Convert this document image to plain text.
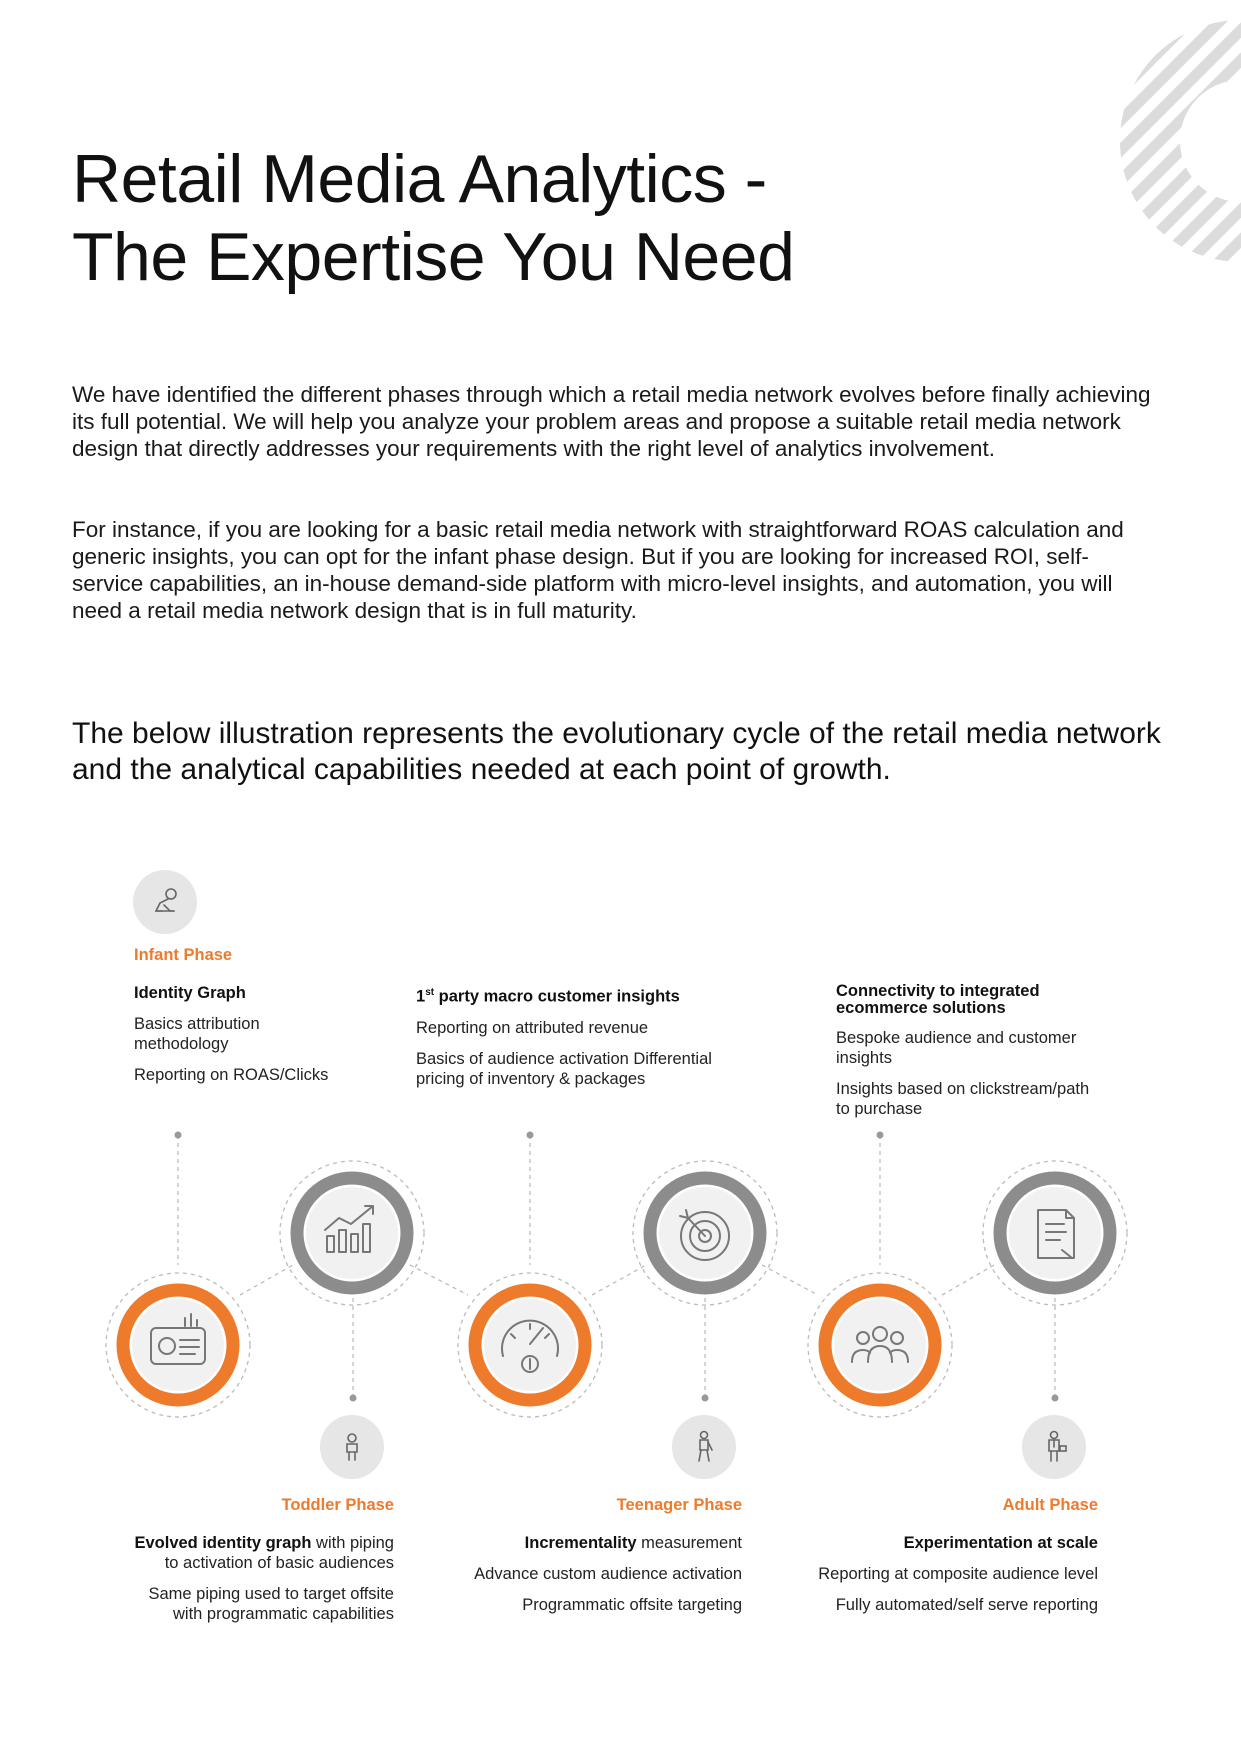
Retail Media Analytics -
The Expertise You Need

We have identified the different phases through which a retail media network evolves before finally achieving its full potential. We will help you analyze your problem areas and propose a suitable retail media network design that directly addresses your requirements with the right level of analytics involvement.

For instance, if you are looking for a basic retail media network with straightforward ROAS calculation and generic insights, you can opt for the infant phase design. But if you are looking for increased ROI, self-service capabilities, an in-house demand-side platform with micro-level insights, and automation, you will need a retail media network design that is in full maturity.

The below illustration represents the evolutionary cycle of the retail media network and the analytical capabilities needed at each point of growth.
Infant Phase
Identity Graph
Basics attribution methodology
Reporting on ROAS/Clicks
1st party macro customer insights
Reporting on attributed revenue
Basics of audience activation Differential pricing of inventory & packages
Connectivity to integrated ecommerce solutions
Bespoke audience and customer insights
Insights based on clickstream/path to purchase
Toddler Phase
Evolved identity graph with piping to activation of basic audiences
Same piping used to target offsite with programmatic capabilities
Teenager Phase
Incrementality measurement
Advance custom audience activation
Programmatic offsite targeting
Adult Phase
Experimentation at scale
Reporting at composite audience level
Fully automated/self serve reporting
